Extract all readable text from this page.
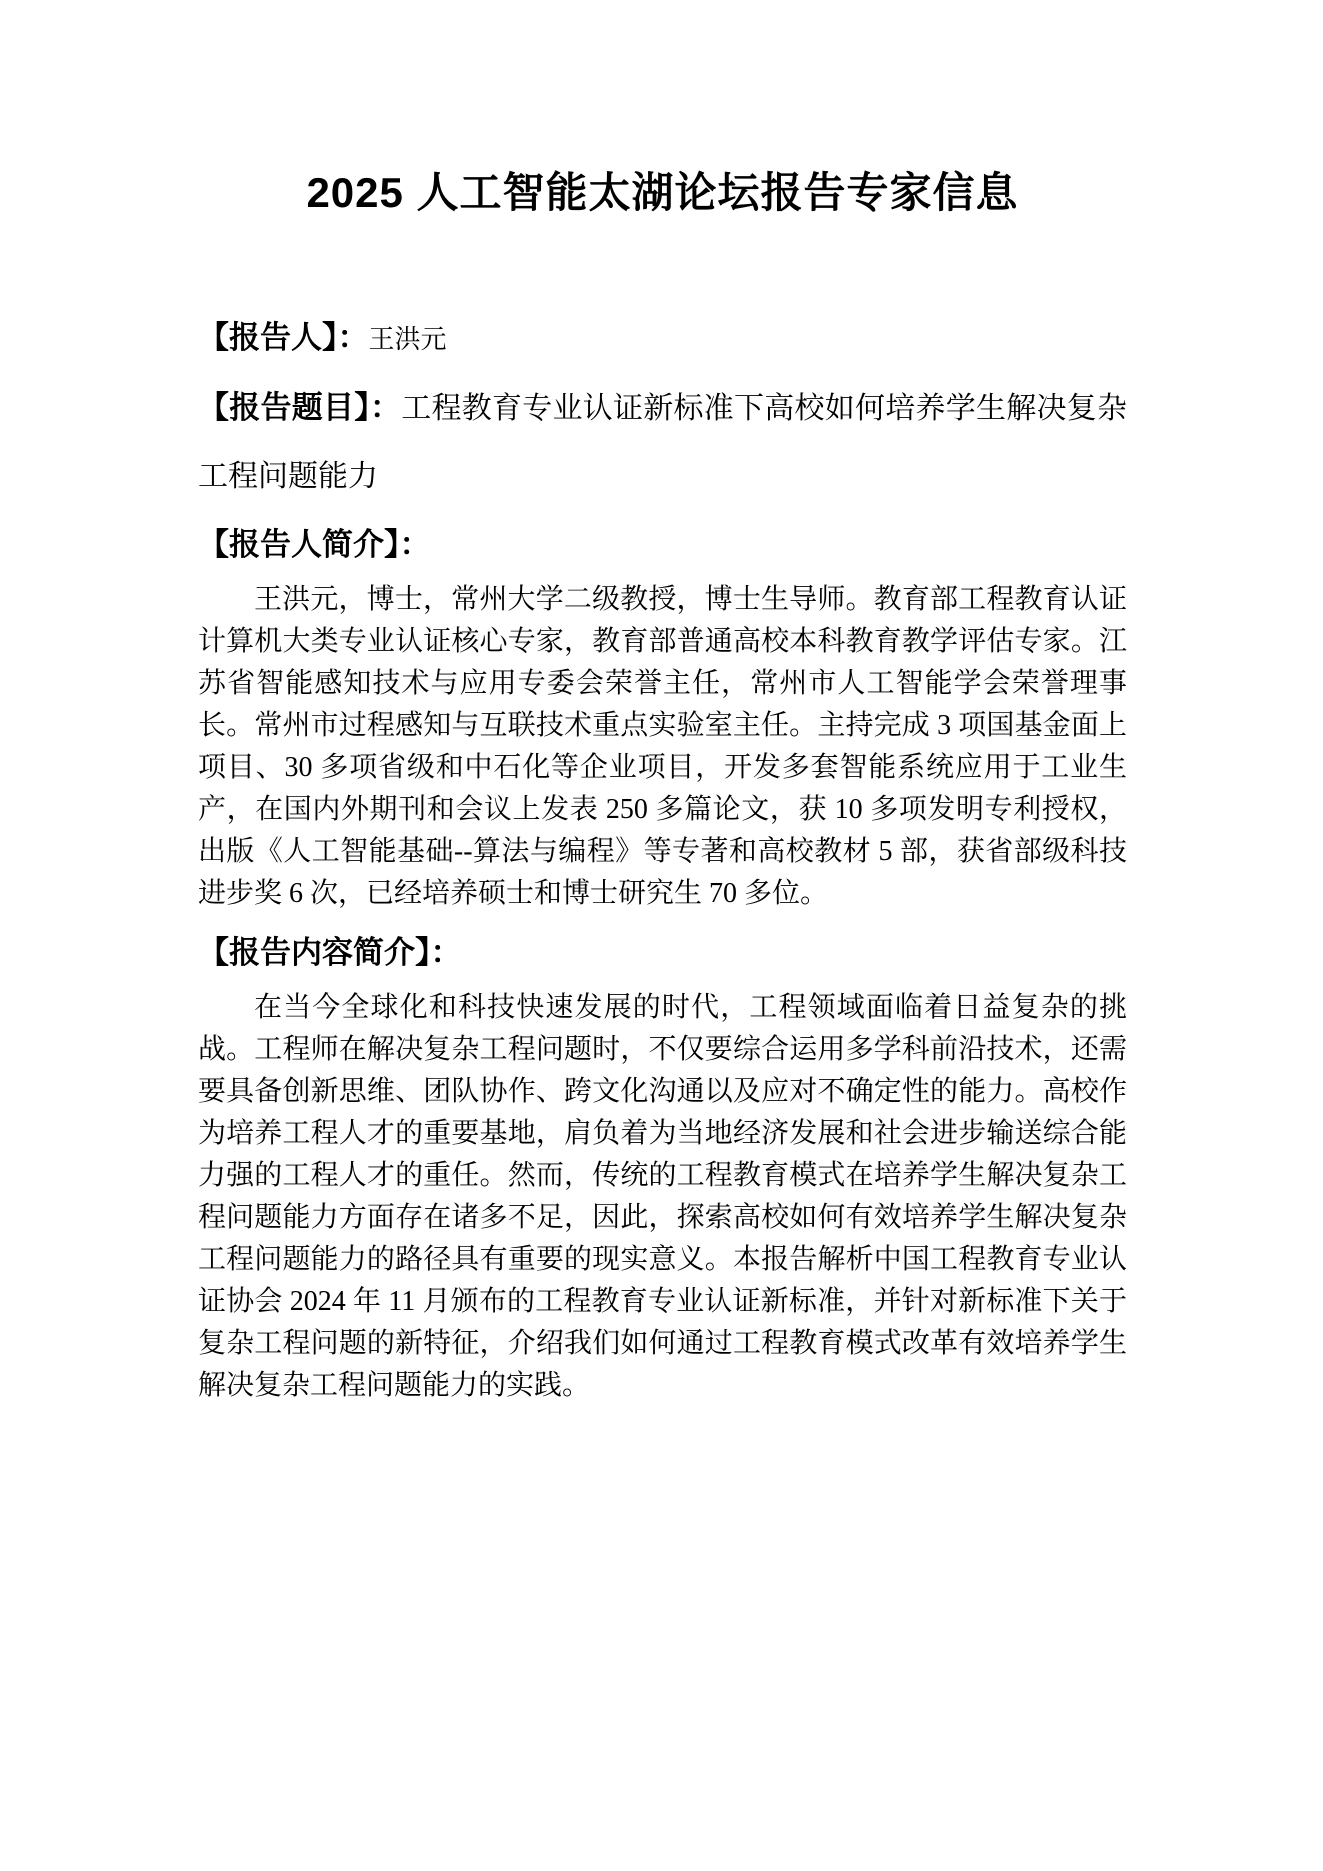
2025 人工智能太湖论坛报告专家信息
【报告人】：王洪元
【报告题目】：工程教育专业认证新标准下高校如何培养学生解决复杂工程问题能力
【报告人简介】：

王洪元，博士，常州大学二级教授，博士生导师。教育部工程教育认证计算机大类专业认证核心专家，教育部普通高校本科教育教学评估专家。江苏省智能感知技术与应用专委会荣誉主任，常州市人工智能学会荣誉理事长。常州市过程感知与互联技术重点实验室主任。主持完成 3 项国基金面上项目、30 多项省级和中石化等企业项目，开发多套智能系统应用于工业生产，在国内外期刊和会议上发表 250 多篇论文，获 10 多项发明专利授权，出版《人工智能基础--算法与编程》等专著和高校教材 5 部，获省部级科技进步奖 6 次，已经培养硕士和博士研究生 70 多位。

【报告内容简介】：

在当今全球化和科技快速发展的时代，工程领域面临着日益复杂的挑战。工程师在解决复杂工程问题时，不仅要综合运用多学科前沿技术，还需要具备创新思维、团队协作、跨文化沟通以及应对不确定性的能力。高校作为培养工程人才的重要基地，肩负着为当地经济发展和社会进步输送综合能力强的工程人才的重任。然而，传统的工程教育模式在培养学生解决复杂工程问题能力方面存在诸多不足，因此，探索高校如何有效培养学生解决复杂工程问题能力的路径具有重要的现实意义。本报告解析中国工程教育专业认证协会 2024 年 11 月颁布的工程教育专业认证新标准，并针对新标准下关于复杂工程问题的新特征，介绍我们如何通过工程教育模式改革有效培养学生解决复杂工程问题能力的实践。
